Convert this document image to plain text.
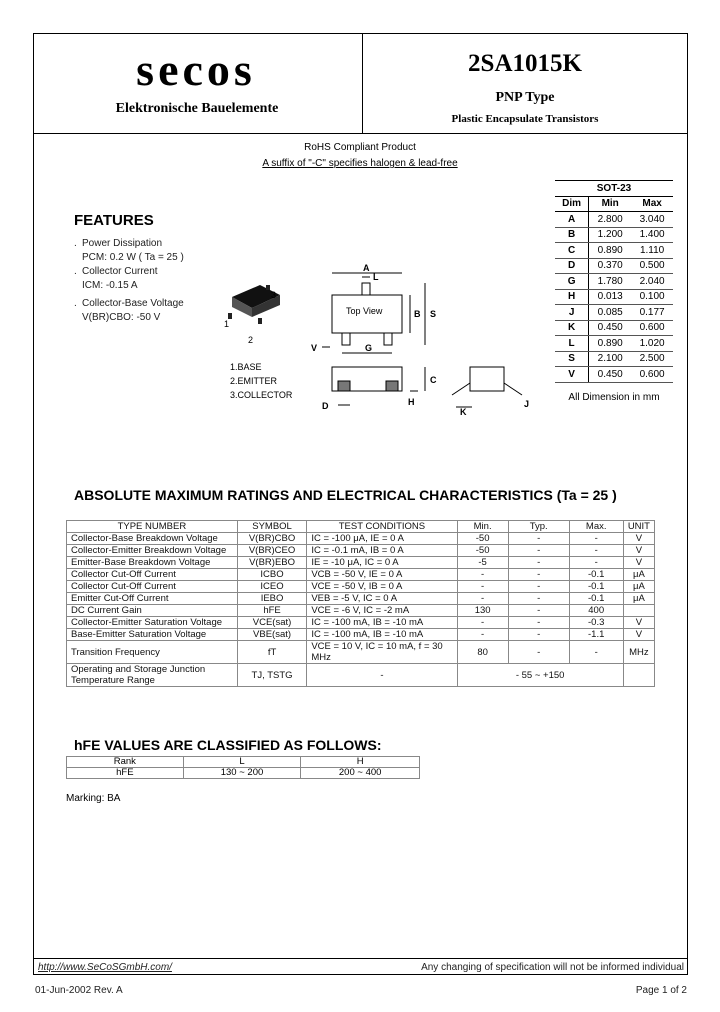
secos
Elektronische Bauelemente
2SA1015K
PNP Type
Plastic Encapsulate Transistors
RoHS Compliant Product
A suffix of "-C" specifies halogen & lead-free
FEATURES
. Power Dissipation
PCM: 0.2 W ( Ta = 25 )
. Collector Current
ICM: -0.15 A
. Collector-Base Voltage
V(BR)CBO: -50 V
1
2
3
A
L
B S
V	G
Top View
C
D	H
K
J
1.BASE
2.EMITTER
3.COLLECTOR
SOT-23		
Dim	Min	Max
A	2.800	3.040
B	1.200	1.400
C	0.890	1.110
D	0.370	0.500
G	1.780	2.040
H	0.013	0.100
J	0.085	0.177
K	0.450	0.600
L	0.890	1.020
S	2.100	2.500
V	0.450	0.600
All Dimension in mm
ABSOLUTE MAXIMUM RATINGS AND ELECTRICAL CHARACTERISTICS (Ta = 25 )
TYPE NUMBER	SYMBOL	TEST CONDITIONS	Min.	Typ.	Max.	UNIT
Collector-Base Breakdown Voltage	V(BR)CBO	IC = -100 μA, IE = 0 A	-50	-	-	V
Collector-Emitter Breakdown Voltage	V(BR)CEO	IC = -0.1 mA, IB = 0 A	-50	-	-	V
Emitter-Base Breakdown Voltage	V(BR)EBO	IE = -10 μA, IC = 0 A	-5	-	-	V
Collector Cut-Off Current	ICBO	VCB = -50 V, IE = 0 A	-	-	-0.1	μA
Collector Cut-Off Current	ICEO	VCE = -50 V, IB = 0 A	-	-	-0.1	μA
Emitter Cut-Off Current	IEBO	VEB = -5 V, IC = 0 A	-	-	-0.1	μA
DC Current Gain	hFE	VCE = -6 V, IC = -2 mA	130	-	400	
Collector-Emitter Saturation Voltage	VCE(sat)	IC = -100 mA, IB = -10 mA	-	-	-0.3	V
Base-Emitter Saturation Voltage	VBE(sat)	IC = -100 mA, IB = -10 mA	-	-	-1.1	V
Transition Frequency	fT	VCE = 10 V, IC = 10 mA, f = 30 MHz	80	-	-	MHz
Operating and Storage Junction Temperature Range	TJ, TSTG	-	- 55 ~ +150			
hFE VALUES ARE CLASSIFIED AS FOLLOWS:
Rank	L	H
hFE	130 ~ 200	200 ~ 400
Marking: BA
http://www.SeCoSGmbH.com/	Any changing of specification will not be informed individual
01-Jun-2002 Rev. A	Page 1 of 2
